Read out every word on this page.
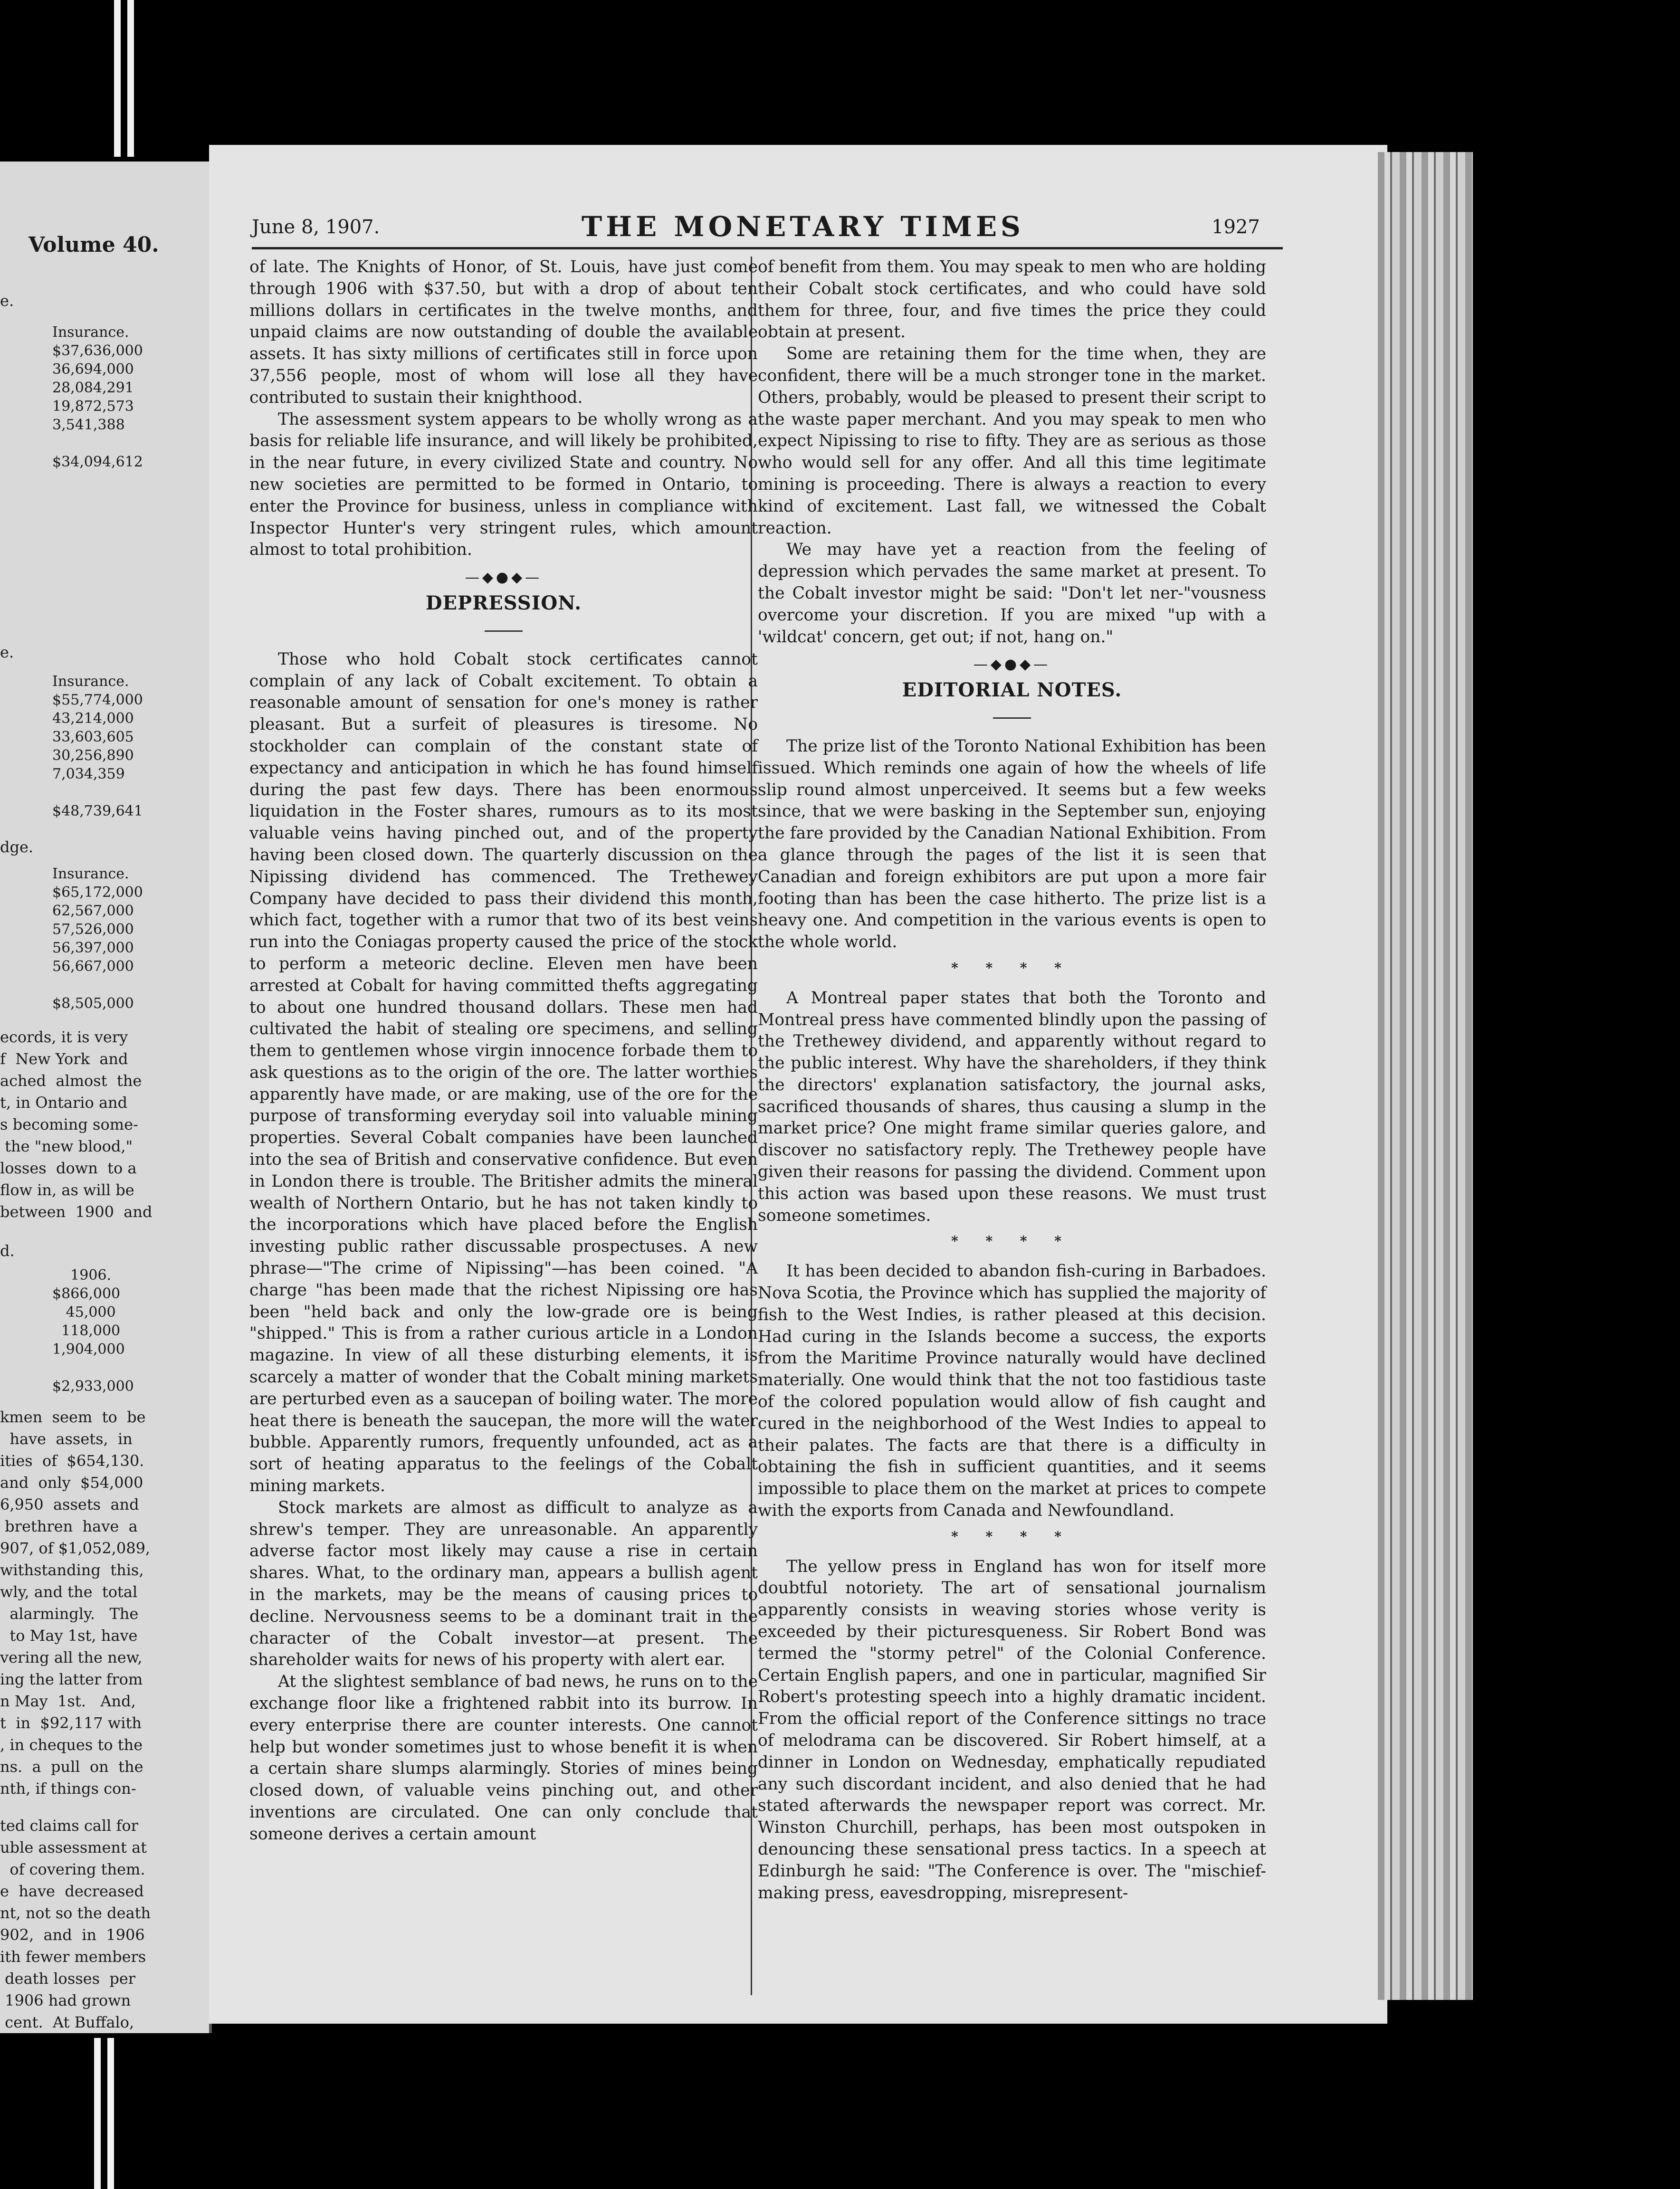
Volume 40.
e.
e.
dge.
ecords, it is very
f  New York  and
ached  almost  the
t, in Ontario and
s becoming some-
the "new blood,"
losses  down  to a
flow in, as will be
between  1900  and
d.
kmen  seem  to  be
have  assets,  in
ities  of  $654,130.
and  only  $54,000
6,950  assets  and
brethren  have  a
907, of $1,052,089,
withstanding  this,
wly, and the  total
alarmingly.   The
to May 1st, have
vering all the new,
ing the latter from
n May  1st.   And,
t  in  $92,117 with
, in cheques to the
ns.  a  pull  on  the
nth, if things con-
ted claims call for
uble assessment at
of covering them.
e  have  decreased
nt, not so the death
902,  and  in  1906
ith fewer members
death losses  per
1906 had grown
cent.  At Buffalo,
Insurance.
$37,636,000
36,694,000
28,084,291
19,872,573
3,541,388
$34,094,612
Insurance.
$55,774,000
43,214,000
33,603,605
30,256,890
7,034,359
$48,739,641
Insurance.
$65,172,000
62,567,000
57,526,000
56,397,000
56,667,000
$8,505,000
1906.
$866,000
45,000
118,000
1,904,000
$2,933,000
June 8, 1907.	THE MONETARY TIMES	1927

of late. The Knights of Honor, of St. Louis, have just come through 1906 with $37.50, but with a drop of about ten millions dollars in certificates in the twelve months, and unpaid claims are now outstanding of double the available assets. It has sixty millions of certificates still in force upon 37,556 people, most of whom will lose all they have contributed to sustain their knighthood.

The assessment system appears to be wholly wrong as a basis for reliable life insurance, and will likely be prohibited, in the near future, in every civilized State and country. No new societies are permitted to be formed in Ontario, to enter the Province for business, unless in compliance with Inspector Hunter's very stringent rules, which amount almost to total prohibition.

—◆●◆—
DEPRESSION.

Those who hold Cobalt stock certificates cannot complain of any lack of Cobalt excitement. To obtain a reasonable amount of sensation for one's money is rather pleasant. But a surfeit of pleasures is tiresome. No stockholder can complain of the constant state of expectancy and anticipation in which he has found himself during the past few days. There has been enormous liquidation in the Foster shares, rumours as to its most valuable veins having pinched out, and of the property having been closed down. The quarterly discussion on the Nipissing dividend has commenced. The Trethewey Company have decided to pass their dividend this month, which fact, together with a rumor that two of its best veins run into the Coniagas property caused the price of the stock to perform a meteoric decline. Eleven men have been arrested at Cobalt for having committed thefts aggregating to about one hundred thousand dollars. These men had cultivated the habit of stealing ore specimens, and selling them to gentlemen whose virgin innocence forbade them to ask questions as to the origin of the ore. The latter worthies apparently have made, or are making, use of the ore for the purpose of transforming everyday soil into valuable mining properties. Several Cobalt companies have been launched into the sea of British and conservative confidence. But even in London there is trouble. The Britisher admits the mineral wealth of Northern Ontario, but he has not taken kindly to the incorporations which have placed before the English investing public rather discussable prospectuses. A new phrase—"The crime of Nipissing"—has been coined. "A charge "has been made that the richest Nipissing ore has been "held back and only the low-grade ore is being "shipped." This is from a rather curious article in a London magazine. In view of all these disturbing elements, it is scarcely a matter of wonder that the Cobalt mining markets are perturbed even as a saucepan of boiling water. The more heat there is beneath the saucepan, the more will the water bubble. Apparently rumors, frequently unfounded, act as a sort of heating apparatus to the feelings of the Cobalt mining markets.

Stock markets are almost as difficult to analyze as a shrew's temper. They are unreasonable. An apparently adverse factor most likely may cause a rise in certain shares. What, to the ordinary man, appears a bullish agent in the markets, may be the means of causing prices to decline. Nervousness seems to be a dominant trait in the character of the Cobalt investor—at present. The shareholder waits for news of his property with alert ear.

At the slightest semblance of bad news, he runs on to the exchange floor like a frightened rabbit into its burrow. In every enterprise there are counter interests. One cannot help but wonder sometimes just to whose benefit it is when a certain share slumps alarmingly. Stories of mines being closed down, of valuable veins pinching out, and other inventions are circulated. One can only conclude that someone derives a certain amount

of benefit from them. You may speak to men who are holding their Cobalt stock certificates, and who could have sold them for three, four, and five times the price they could obtain at present.

Some are retaining them for the time when, they are confident, there will be a much stronger tone in the market. Others, probably, would be pleased to present their script to the waste paper merchant. And you may speak to men who expect Nipissing to rise to fifty. They are as serious as those who would sell for any offer. And all this time legitimate mining is proceeding. There is always a reaction to every kind of excitement. Last fall, we witnessed the Cobalt reaction.

We may have yet a reaction from the feeling of depression which pervades the same market at present. To the Cobalt investor might be said: "Don't let ner-"vousness overcome your discretion. If you are mixed "up with a 'wildcat' concern, get out; if not, hang on."

—◆●◆—
EDITORIAL NOTES.

The prize list of the Toronto National Exhibition has been issued. Which reminds one again of how the wheels of life slip round almost unperceived. It seems but a few weeks since, that we were basking in the September sun, enjoying the fare provided by the Canadian National Exhibition. From a glance through the pages of the list it is seen that Canadian and foreign exhibitors are put upon a more fair footing than has been the case hitherto. The prize list is a heavy one. And competition in the various events is open to the whole world.

* * * *

A Montreal paper states that both the Toronto and Montreal press have commented blindly upon the passing of the Trethewey dividend, and apparently without regard to the public interest. Why have the shareholders, if they think the directors' explanation satisfactory, the journal asks, sacrificed thousands of shares, thus causing a slump in the market price? One might frame similar queries galore, and discover no satisfactory reply. The Trethewey people have given their reasons for passing the dividend. Comment upon this action was based upon these reasons. We must trust someone sometimes.

* * * *

It has been decided to abandon fish-curing in Barbadoes. Nova Scotia, the Province which has supplied the majority of fish to the West Indies, is rather pleased at this decision. Had curing in the Islands become a success, the exports from the Maritime Province naturally would have declined materially. One would think that the not too fastidious taste of the colored population would allow of fish caught and cured in the neighborhood of the West Indies to appeal to their palates. The facts are that there is a difficulty in obtaining the fish in sufficient quantities, and it seems impossible to place them on the market at prices to compete with the exports from Canada and Newfoundland.

* * * *

The yellow press in England has won for itself more doubtful notoriety. The art of sensational journalism apparently consists in weaving stories whose verity is exceeded by their picturesqueness. Sir Robert Bond was termed the "stormy petrel" of the Colonial Conference. Certain English papers, and one in particular, magnified Sir Robert's protesting speech into a highly dramatic incident. From the official report of the Conference sittings no trace of melodrama can be discovered. Sir Robert himself, at a dinner in London on Wednesday, emphatically repudiated any such discordant incident, and also denied that he had stated afterwards the newspaper report was correct. Mr. Winston Churchill, perhaps, has been most outspoken in denouncing these sensational press tactics. In a speech at Edinburgh he said: "The Conference is over. The "mischief-making press, eavesdropping, misrepresent-
